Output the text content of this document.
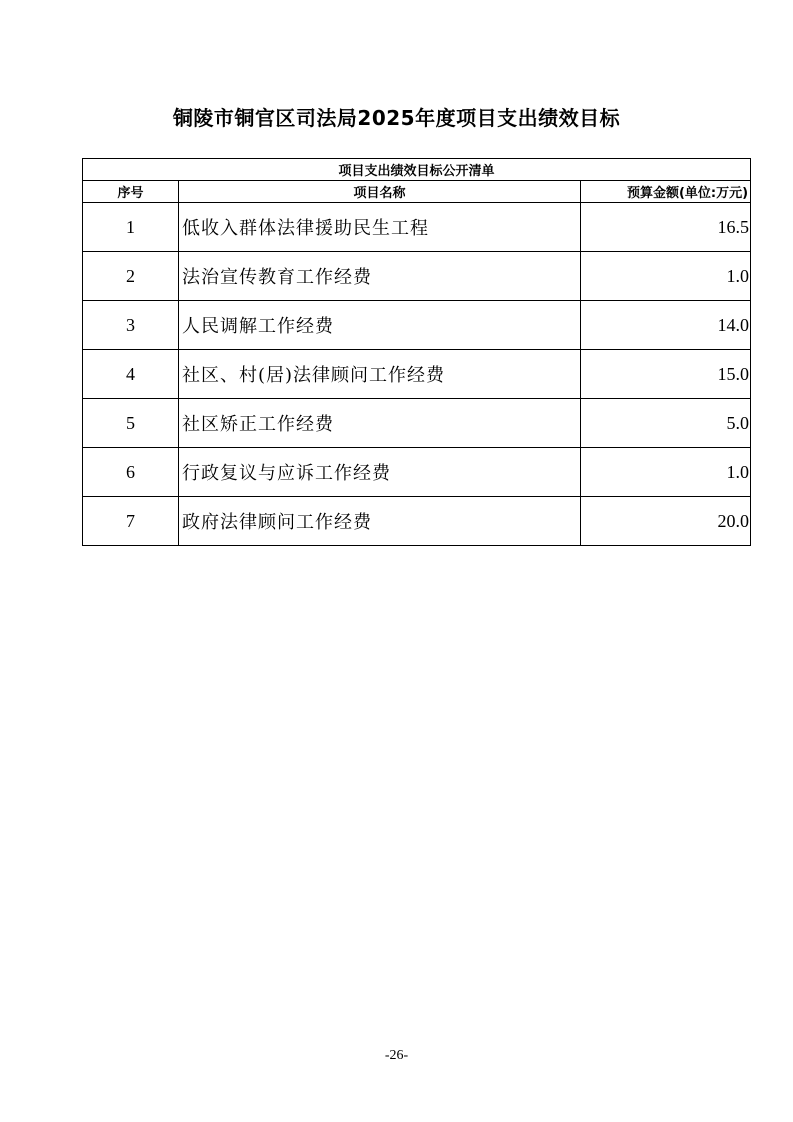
铜陵市铜官区司法局2025年度项目支出绩效目标
项目支出绩效目标公开清单		
序号	项目名称	预算金额(单位:万元)
1	低收入群体法律援助民生工程	16.5
2	法治宣传教育工作经费	1.0
3	人民调解工作经费	14.0
4	社区、村(居)法律顾问工作经费	15.0
5	社区矫正工作经费	5.0
6	行政复议与应诉工作经费	1.0
7	政府法律顾问工作经费	20.0
-26-
